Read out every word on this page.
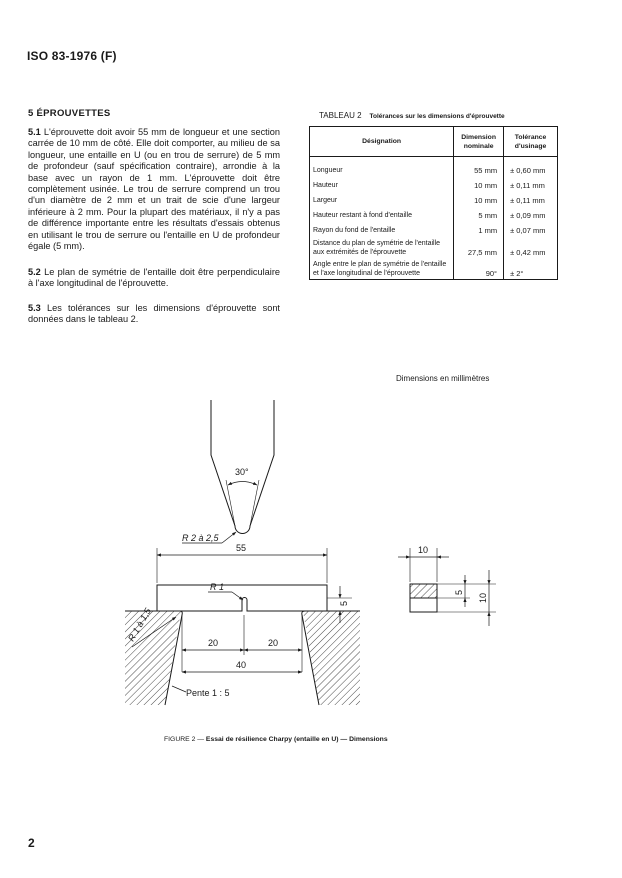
ISO 83-1976 (F)
5 ÉPROUVETTES
5.1 L'éprouvette doit avoir 55 mm de longueur et une section carrée de 10 mm de côté. Elle doit comporter, au milieu de sa longueur, une entaille en U (ou en trou de serrure) de 5 mm de profondeur (sauf spécification contraire), arrondie à la base avec un rayon de 1 mm. L'éprouvette doit être complètement usinée. Le trou de serrure comprend un trou d'un diamètre de 2 mm et un trait de scie d'une largeur inférieure à 2 mm. Pour la plupart des matériaux, il n'y a pas de différence importante entre les résultats d'essais obtenus en utilisant le trou de serrure ou l'entaille en U de profondeur égale (5 mm).
5.2 Le plan de symétrie de l'entaille doit être perpendiculaire à l'axe longitudinal de l'éprouvette.
5.3 Les tolérances sur les dimensions d'éprouvette sont données dans le tableau 2.
TABLEAU 2 Tolérances sur les dimensions d'éprouvette
Désignation	Dimension nominale	Tolérance d'usinage
Longueur	55 mm	± 0,60 mm
Hauteur	10 mm	± 0,11 mm
Largeur	10 mm	± 0,11 mm
Hauteur restant à fond d'entaille	5 mm	± 0,09 mm
Rayon du fond de l'entaille	1 mm	± 0,07 mm
Distance du plan de symétrie de l'entaille aux extrémités de l'éprouvette	27,5 mm	± 0,42 mm
Angle entre le plan de symétrie de l'entaille et l'axe longitudinal de l'éprouvette	90°	± 2°
Dimensions en millimètres
30°
R 2 à 2,5
55
R 1
5
R 1 à 1,5	20	20
40
Pente 1 : 5
10
5
10
FIGURE 2 — Essai de résilience Charpy (entaille en U) — Dimensions
2
